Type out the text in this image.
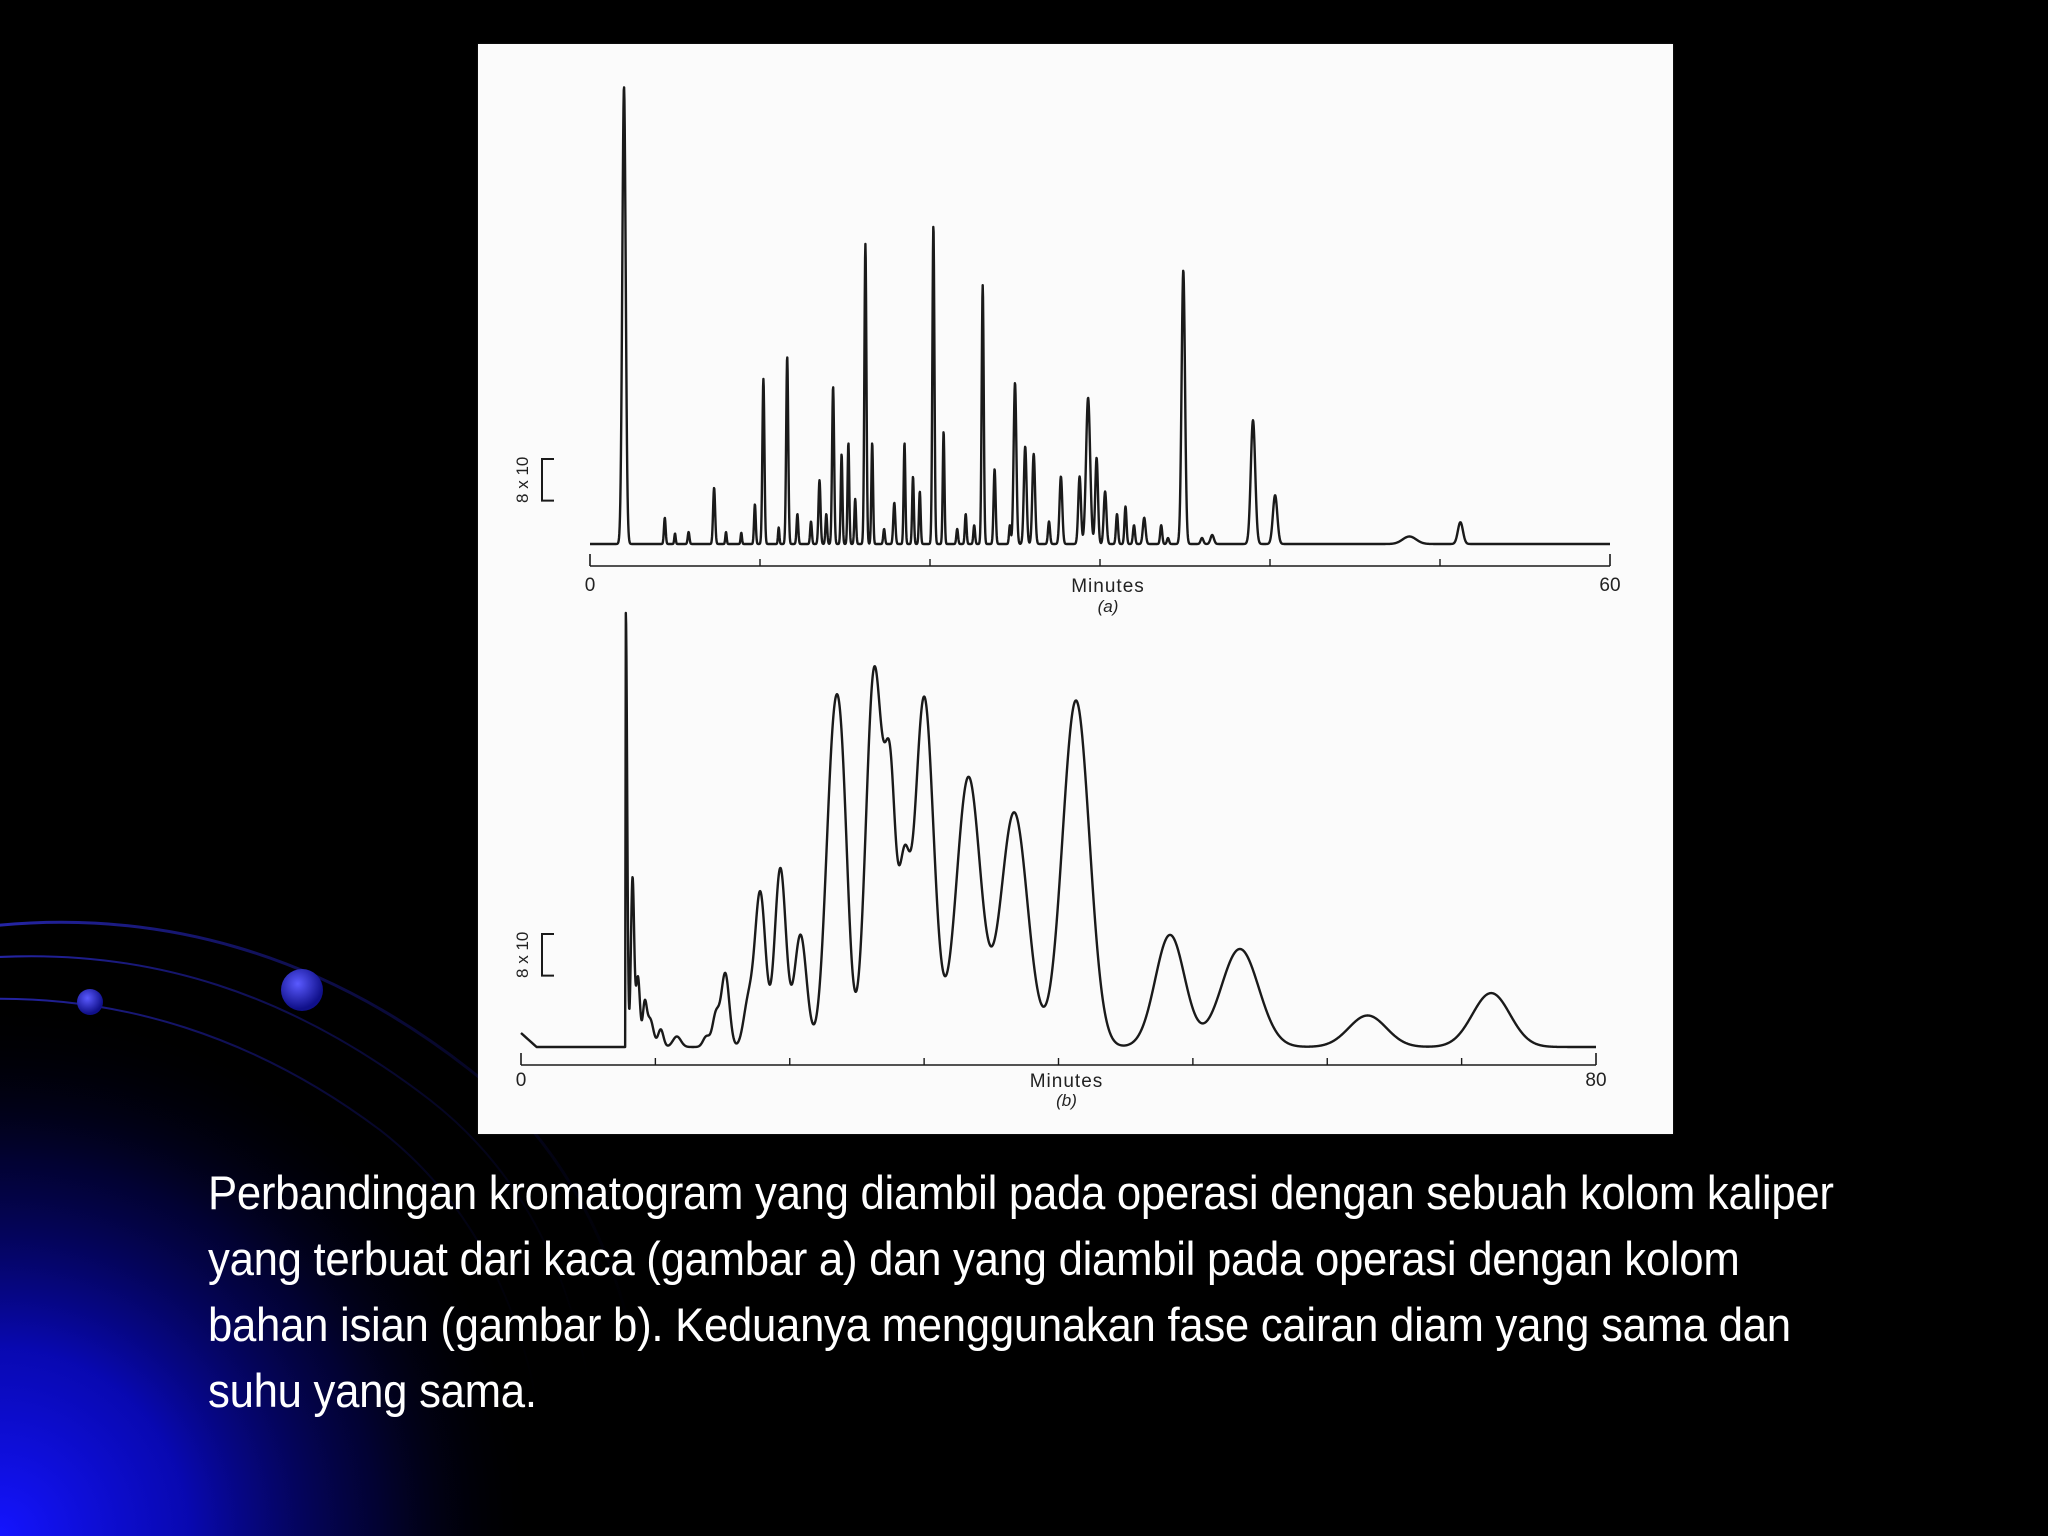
0	60
Minutes
(a)
8 x 10
0	80
Minutes
(b)
8 x 10

Perbandingan kromatogram yang diambil pada operasi dengan sebuah kolom kaliper yang terbuat dari kaca (gambar a) dan yang diambil pada operasi dengan kolom bahan isian (gambar b). Keduanya menggunakan fase cairan diam yang sama dan suhu yang sama.
